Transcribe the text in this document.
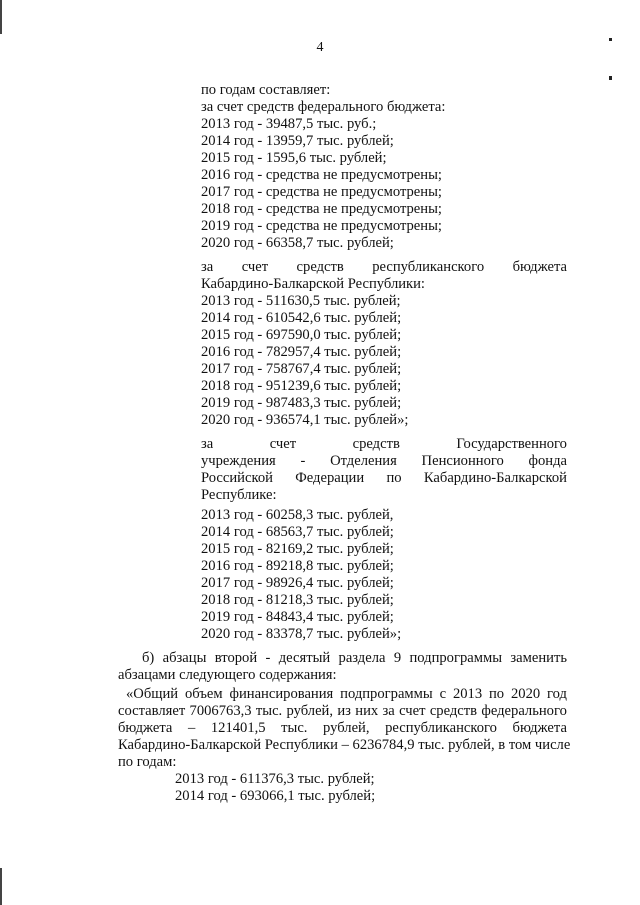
4
по годам составляет:
за счет средств федерального бюджета:
2013 год - 39487,5 тыс. руб.;
2014 год - 13959,7 тыс. рублей;
2015 год - 1595,6 тыс. рублей;
2016 год - средства не предусмотрены;
2017 год - средства не предусмотрены;
2018 год - средства не предусмотрены;
2019 год - средства не предусмотрены;
2020 год - 66358,7 тыс. рублей;
за счет средств республиканского бюджета
Кабардино-Балкарской Республики:
2013 год - 511630,5 тыс. рублей;
2014 год - 610542,6 тыс. рублей;
2015 год - 697590,0 тыс. рублей;
2016 год - 782957,4 тыс. рублей;
2017 год - 758767,4 тыс. рублей;
2018 год - 951239,6 тыс. рублей;
2019 год - 987483,3 тыс. рублей;
2020 год - 936574,1 тыс. рублей»;
за	счет	средств	Государственного
учреждения - Отделения Пенсионного фонда
Российской Федерации по Кабардино-Балкарской
Республике:
2013 год - 60258,3 тыс. рублей,
2014 год - 68563,7 тыс. рублей;
2015 год - 82169,2 тыс. рублей;
2016 год - 89218,8 тыс. рублей;
2017 год - 98926,4 тыс. рублей;
2018 год - 81218,3 тыс. рублей;
2019 год - 84843,4 тыс. рублей;
2020 год - 83378,7 тыс. рублей»;
б) абзацы второй - десятый раздела 9 подпрограммы заменить
абзацами следующего содержания:
«Общий объем финансирования подпрограммы с 2013 по 2020 год
составляет 7006763,3 тыс. рублей, из них за счет средств федерального
бюджета – 121401,5 тыс. рублей, республиканского бюджета
Кабардино-Балкарской Республики – 6236784,9 тыс. рублей, в том числе
по годам:
2013 год - 611376,3 тыс. рублей;
2014 год - 693066,1 тыс. рублей;
